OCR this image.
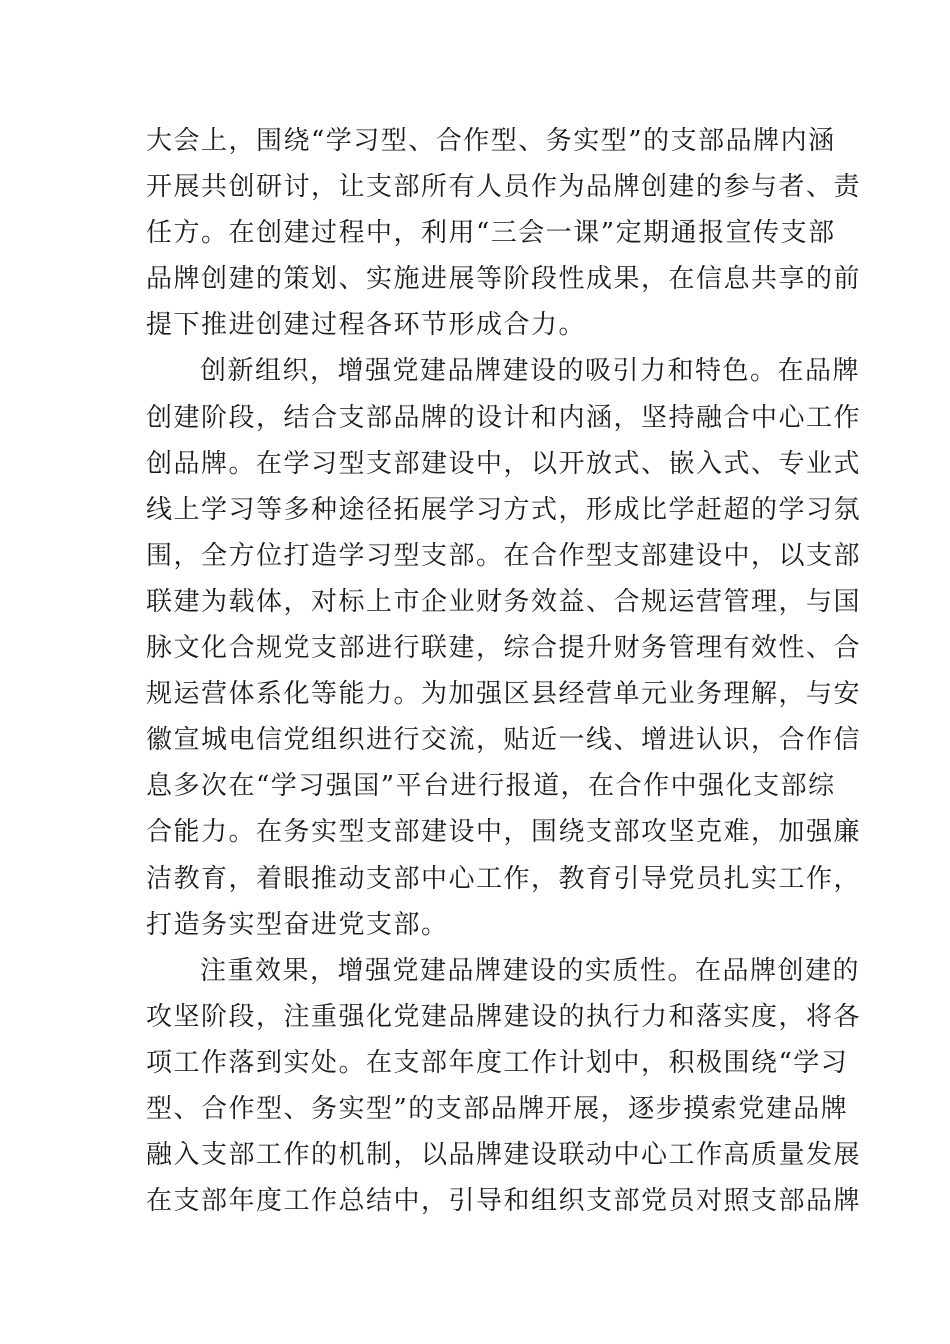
大会上，围绕“学习型、合作型、务实型”的支部品牌内涵
开展共创研讨，让支部所有人员作为品牌创建的参与者、责
任方。在创建过程中，利用“三会一课”定期通报宣传支部
品牌创建的策划、实施进展等阶段性成果，在信息共享的前
提下推进创建过程各环节形成合力。
创新组织，增强党建品牌建设的吸引力和特色。在品牌
创建阶段，结合支部品牌的设计和内涵，坚持融合中心工作
创品牌。在学习型支部建设中，以开放式、嵌入式、专业式
线上学习等多种途径拓展学习方式，形成比学赶超的学习氛
围，全方位打造学习型支部。在合作型支部建设中，以支部
联建为载体，对标上市企业财务效益、合规运营管理，与国
脉文化合规党支部进行联建，综合提升财务管理有效性、合
规运营体系化等能力。为加强区县经营单元业务理解，与安
徽宣城电信党组织进行交流，贴近一线、增进认识，合作信
息多次在“学习强国”平台进行报道，在合作中强化支部综
合能力。在务实型支部建设中，围绕支部攻坚克难，加强廉
洁教育，着眼推动支部中心工作，教育引导党员扎实工作，
打造务实型奋进党支部。
注重效果，增强党建品牌建设的实质性。在品牌创建的
攻坚阶段，注重强化党建品牌建设的执行力和落实度，将各
项工作落到实处。在支部年度工作计划中，积极围绕“学习
型、合作型、务实型”的支部品牌开展，逐步摸索党建品牌
融入支部工作的机制，以品牌建设联动中心工作高质量发展
在支部年度工作总结中，引导和组织支部党员对照支部品牌
